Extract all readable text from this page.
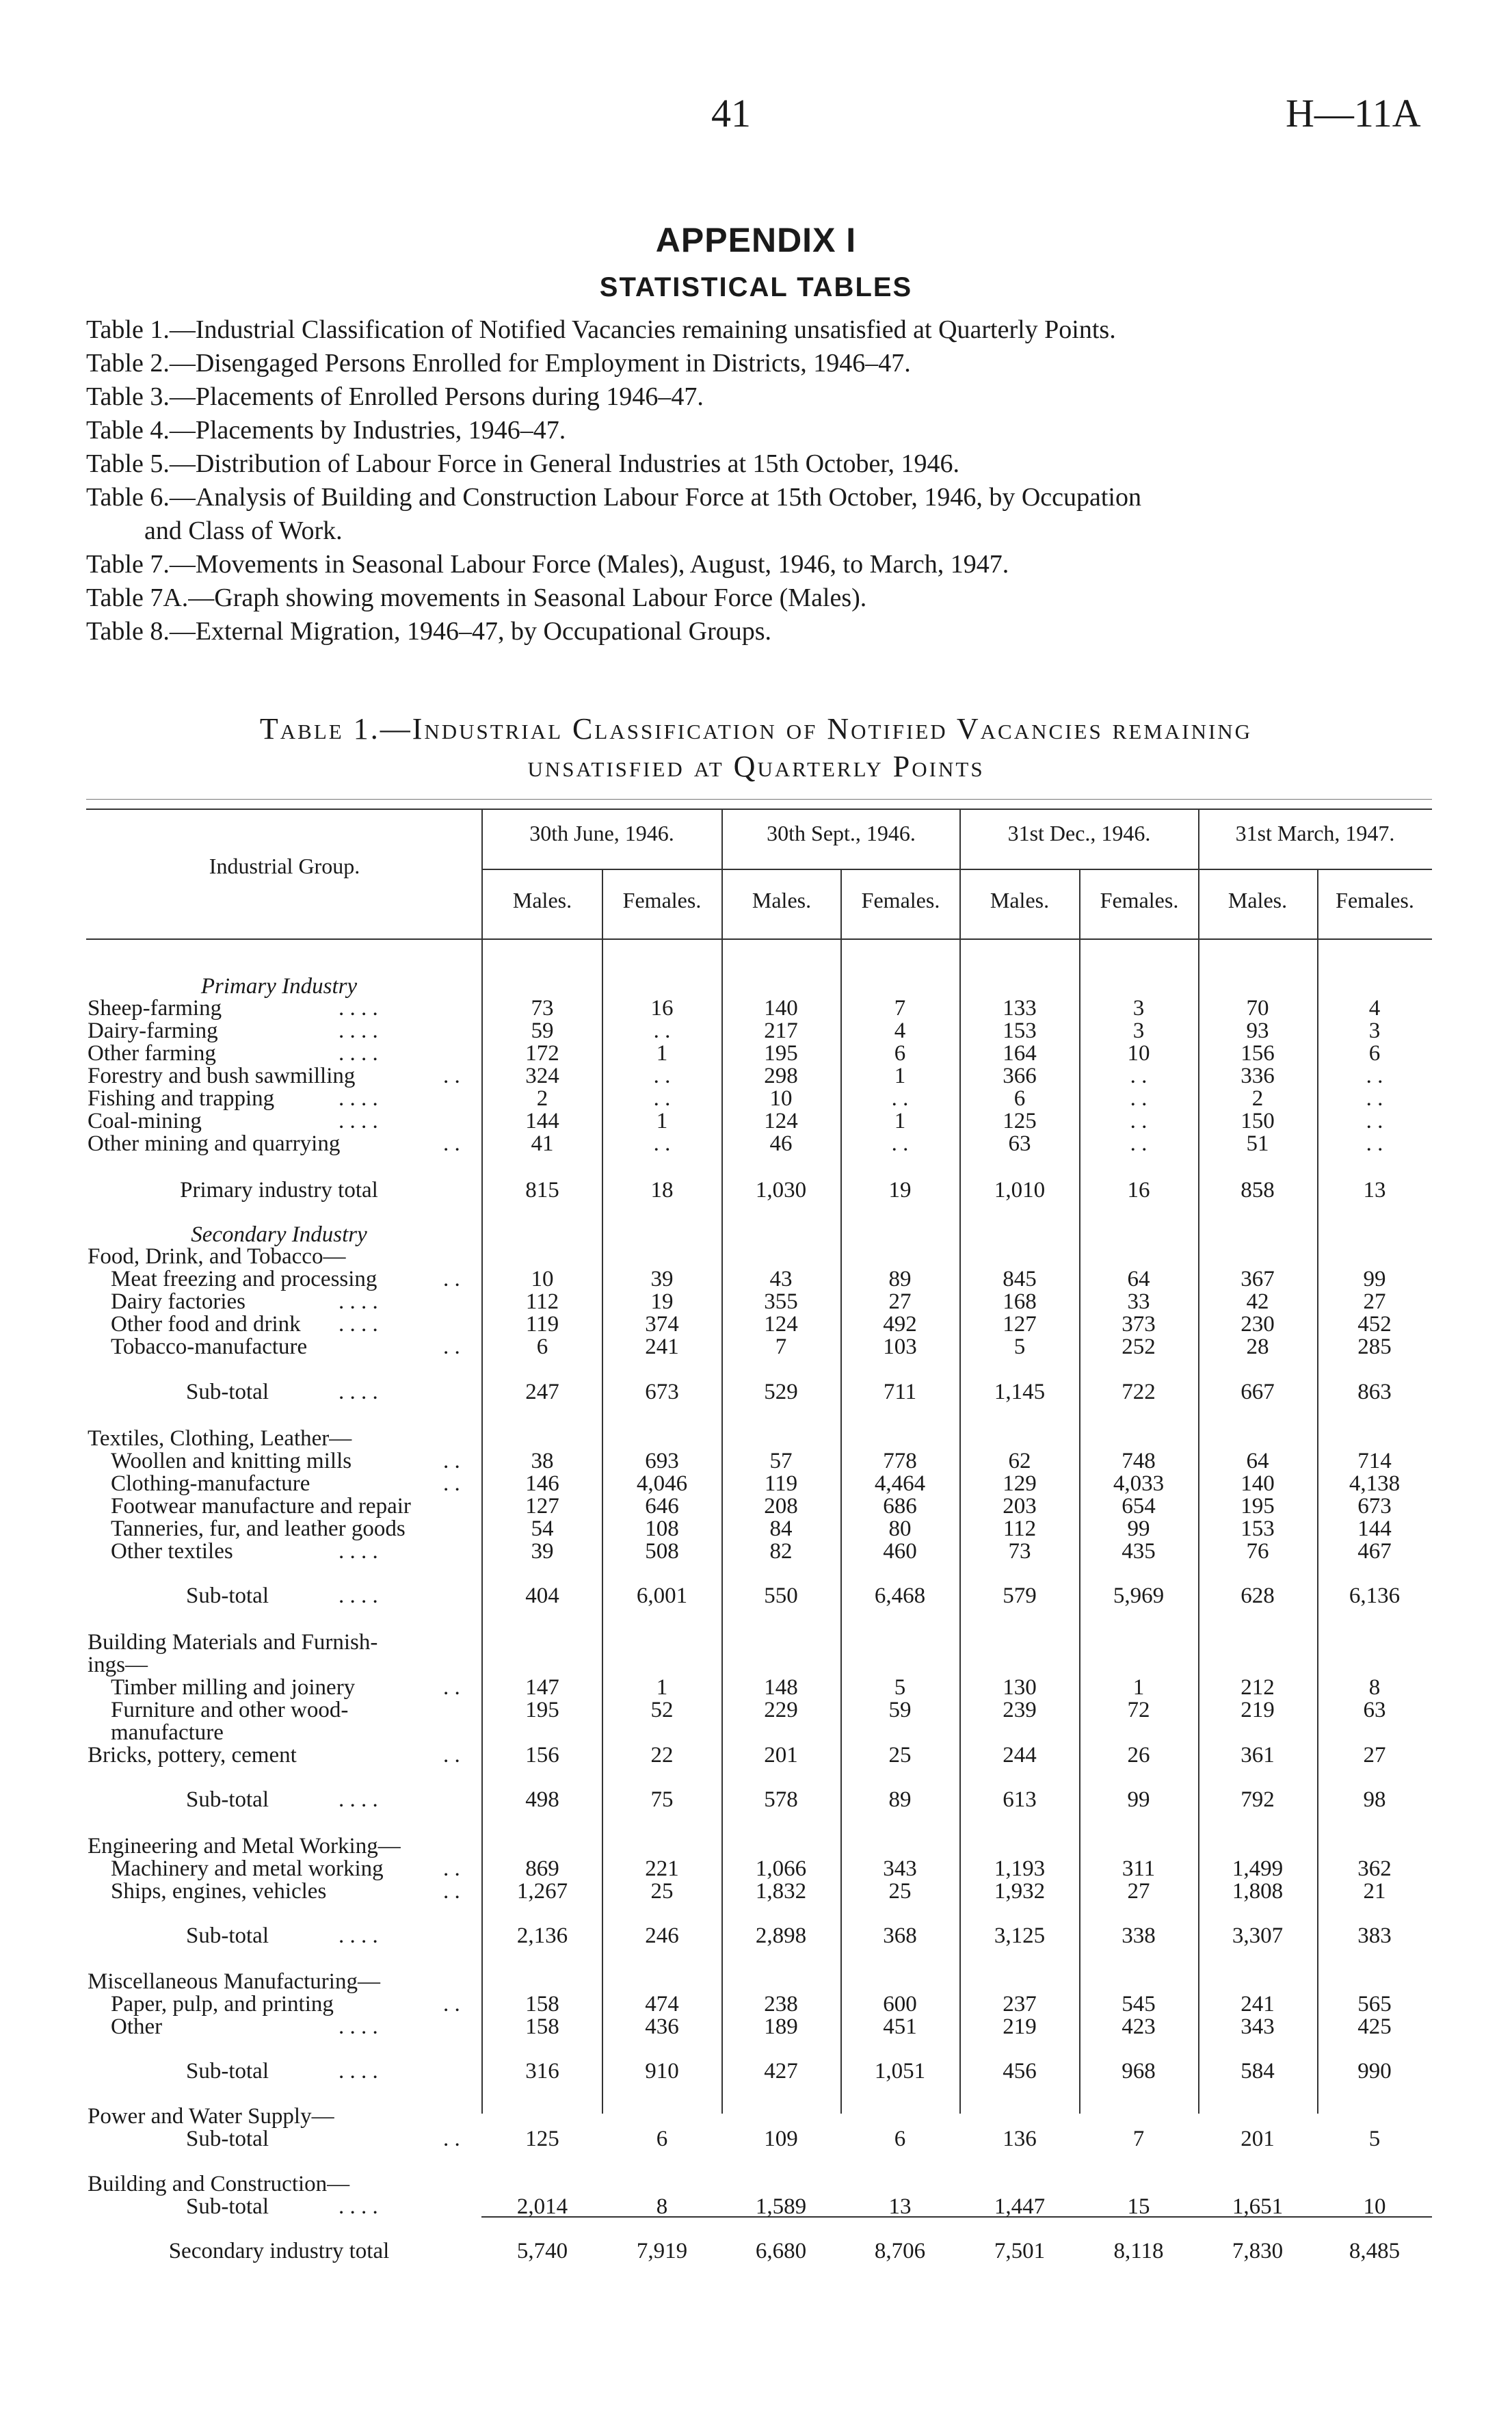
41	H—11A
APPENDIX I
STATISTICAL TABLES
Table 1.—Industrial Classification of Notified Vacancies remaining unsatisfied at Quarterly Points.
Table 2.—Disengaged Persons Enrolled for Employment in Districts, 1946–47.
Table 3.—Placements of Enrolled Persons during 1946–47.
Table 4.—Placements by Industries, 1946–47.
Table 5.—Distribution of Labour Force in General Industries at 15th October, 1946.
Table 6.—Analysis of Building and Construction Labour Force at 15th October, 1946, by Occupation
and Class of Work.
Table 7.—Movements in Seasonal Labour Force (Males), August, 1946, to March, 1947.
Table 7A.—Graph showing movements in Seasonal Labour Force (Males).
Table 8.—External Migration, 1946–47, by Occupational Groups.
Table 1.—Industrial Classification of Notified Vacancies remaining
unsatisfied at Quarterly Points
Industrial Group.
30th June, 1946.	30th Sept., 1946.	31st Dec., 1946.	31st March, 1947.
Males.	Females.	Males.	Females.	Males.	Females.	Males.	Females.
Primary Industry
Sheep-farming	. . . .	73	16	140	7	133	3	70	4
Dairy-farming	. . . .	59	. .	217	4	153	3	93	3
Other farming	. . . .	172	1	195	6	164	10	156	6
Forestry and bush sawmilling	. .	324	. .	298	1	366	. .	336	. .
Fishing and trapping	. . . .	2	. .	10	. .	6	. .	2	. .
Coal-mining	. . . .	144	1	124	1	125	. .	150	. .
Other mining and quarrying	. .	41	. .	46	. .	63	. .	51	. .
Primary industry total	815	18	1,030	19	1,010	16	858	13
Secondary Industry
Food, Drink, and Tobacco—
Meat freezing and processing	. .	10	39	43	89	845	64	367	99
Dairy factories	. . . .	112	19	355	27	168	33	42	27
Other food and drink . . . .	119	374	124	492	127	373	230	452
Tobacco-manufacture	. .	6	241	7	103	5	252	28	285
Sub-total	. . . .	247	673	529	711	1,145	722	667	863
Textiles, Clothing, Leather—
Woollen and knitting mills	. .	38	693	57	778	62	748	64	714
Clothing-manufacture	. .	146	4,046	119	4,464	129	4,033	140	4,138
Footwear manufacture and repair	127	646	208	686	203	654	195	673
Tanneries, fur, and leather goods	54	108	84	80	112	99	153	144
Other textiles	. . . .	39	508	82	460	73	435	76	467
Sub-total	. . . .	404	6,001	550	6,468	579	5,969	628	6,136
Building Materials and Furnish-
ings—
Timber milling and joinery	. .	147	1	148	5	130	1	212	8
Furniture and other wood-	195	52	229	59	239	72	219	63
manufacture
Bricks, pottery, cement	. .	156	22	201	25	244	26	361	27
Sub-total	. . . .	498	75	578	89	613	99	792	98
Engineering and Metal Working—
Machinery and metal working	. .	869	221	1,066	343	1,193	311	1,499	362
Ships, engines, vehicles	. .	1,267	25	1,832	25	1,932	27	1,808	21
Sub-total	. . . .	2,136	246	2,898	368	3,125	338	3,307	383
Miscellaneous Manufacturing—
Paper, pulp, and printing	. .	158	474	238	600	237	545	241	565
Other	. . . .	158	436	189	451	219	423	343	425
Sub-total	. . . .	316	910	427	1,051	456	968	584	990
Power and Water Supply—
Sub-total	. .	125	6	109	6	136	7	201	5
Building and Construction—
Sub-total	. . . .	2,014	8	1,589	13	1,447	15	1,651	10
Secondary industry total	5,740	7,919	6,680	8,706	7,501	8,118	7,830	8,485
